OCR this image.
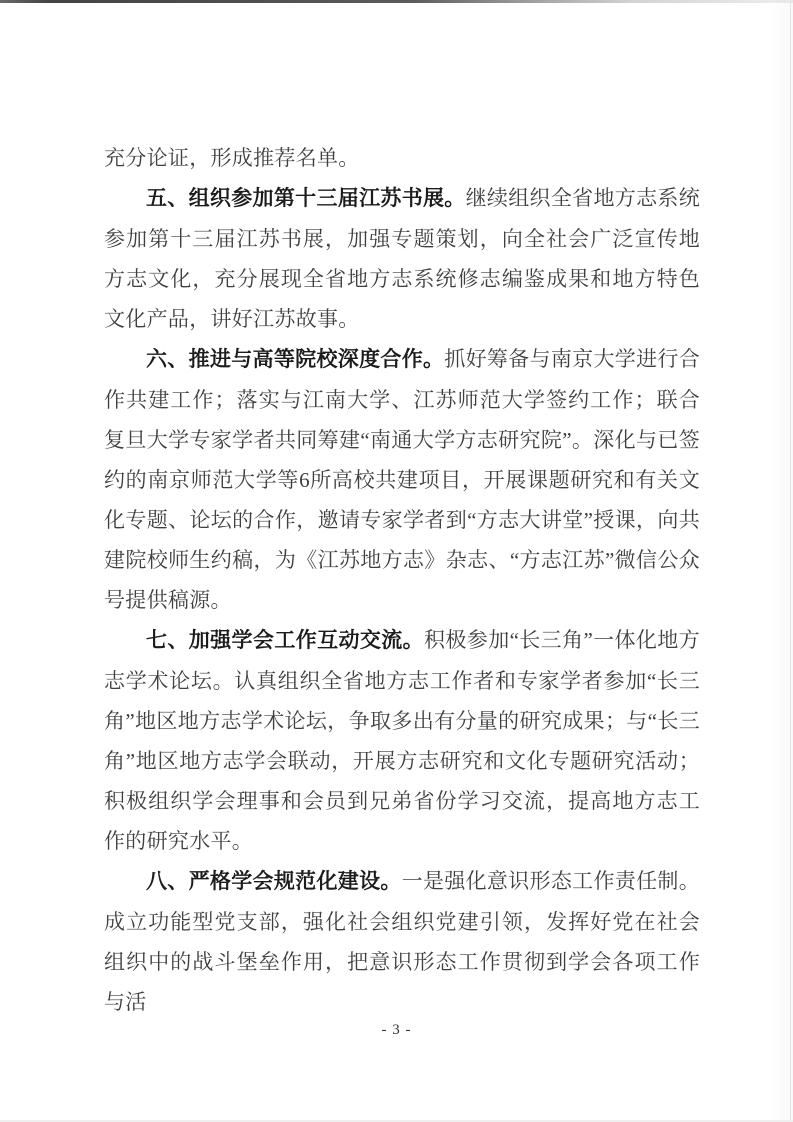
充分论证，形成推荐名单。

五、组织参加第十三届江苏书展。继续组织全省地方志系统参加第十三届江苏书展，加强专题策划，向全社会广泛宣传地方志文化，充分展现全省地方志系统修志编鉴成果和地方特色文化产品，讲好江苏故事。

六、推进与高等院校深度合作。抓好筹备与南京大学进行合作共建工作；落实与江南大学、江苏师范大学签约工作；联合复旦大学专家学者共同筹建“南通大学方志研究院”。深化与已签约的南京师范大学等6所高校共建项目，开展课题研究和有关文化专题、论坛的合作，邀请专家学者到“方志大讲堂”授课，向共建院校师生约稿，为《江苏地方志》杂志、“方志江苏”微信公众号提供稿源。

七、加强学会工作互动交流。积极参加“长三角”一体化地方志学术论坛。认真组织全省地方志工作者和专家学者参加“长三角”地区地方志学术论坛，争取多出有分量的研究成果；与“长三角”地区地方志学会联动，开展方志研究和文化专题研究活动；积极组织学会理事和会员到兄弟省份学习交流，提高地方志工作的研究水平。

八、严格学会规范化建设。一是强化意识形态工作责任制。成立功能型党支部，强化社会组织党建引领，发挥好党在社会组织中的战斗堡垒作用，把意识形态工作贯彻到学会各项工作与活

- 3 -
